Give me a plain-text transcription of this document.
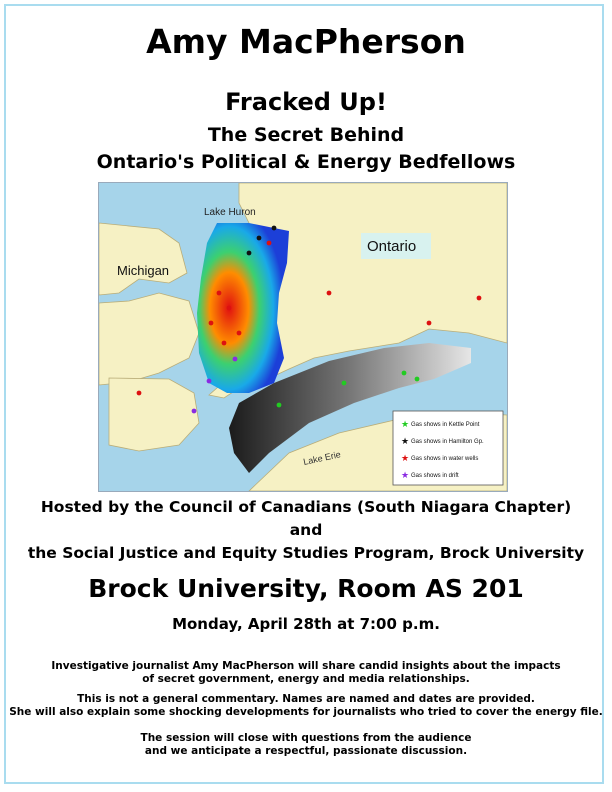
Amy MacPherson
Fracked Up!
The Secret Behind
Ontario's Political & Energy Bedfellows
Lake Huron
Ontario
Michigan
Lake Erie
★ Gas shows in Kettle Point
★ Gas shows in Hamilton Gp.
★ Gas shows in water wells
★ Gas shows in drift
Hosted by the Council of Canadians (South Niagara Chapter)
and
the Social Justice and Equity Studies Program, Brock University
Brock University, Room AS 201
Monday, April 28th at 7:00 p.m.
Investigative journalist Amy MacPherson will share candid insights about the impacts
of secret government, energy and media relationships.
This is not a general commentary. Names are named and dates are provided.
She will also explain some shocking developments for journalists who tried to cover the energy file.
The session will close with questions from the audience
and we anticipate a respectful, passionate discussion.
